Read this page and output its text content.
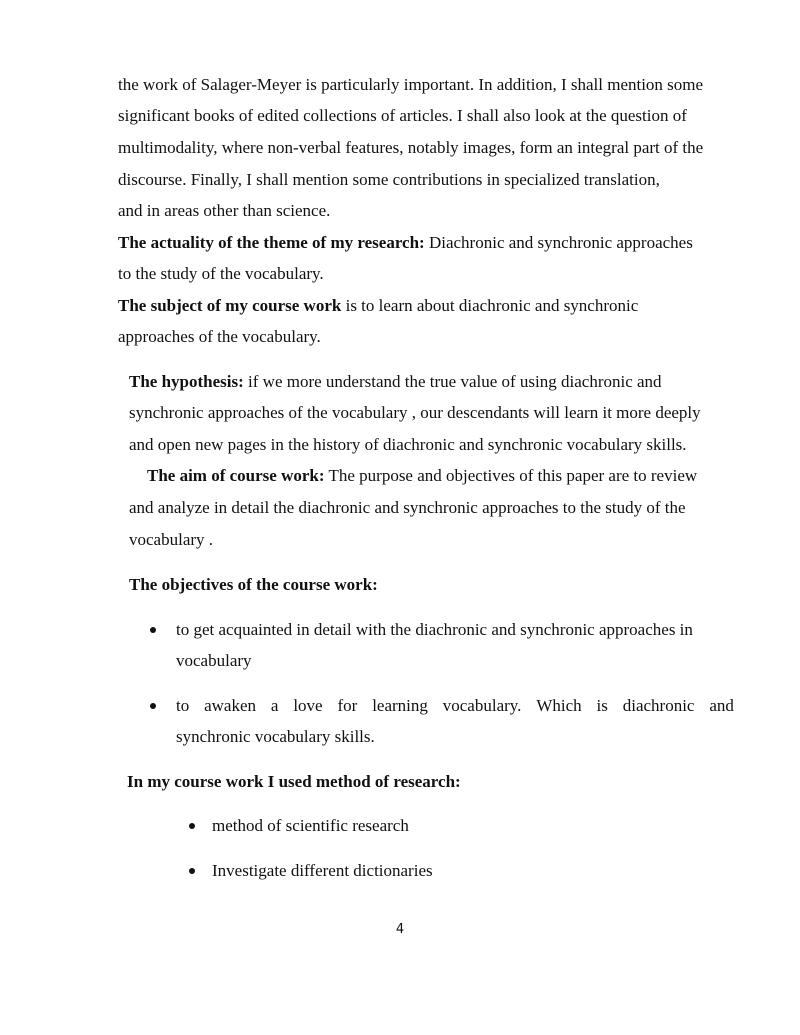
the work of Salager-Meyer is particularly important. In addition, I shall mention some
significant books of edited collections of articles. I shall also look at the question of
multimodality, where non-verbal features, notably images, form an integral part of the
discourse. Finally, I shall mention some contributions in specialized translation,
and in areas other than science.
The actuality of the theme of my research: Diachronic and synchronic approaches
to the study of the vocabulary.
The subject of my course work is to learn about diachronic and synchronic
approaches of the vocabulary.
The hypothesis: if we more understand the true value of using diachronic and
synchronic approaches of the vocabulary , our descendants will learn it more deeply
and open new pages in the history of diachronic and synchronic vocabulary skills.
The aim of course work: The purpose and objectives of this paper are to review
and analyze in detail the diachronic and synchronic approaches to the study of the
vocabulary .
The objectives of the course work:
to get acquainted in detail with the diachronic and synchronic approaches in
vocabulary
to awaken a love for learning vocabulary. Which is diachronic and
synchronic vocabulary skills.
In my course work I used method of research:
method of scientific research
Investigate different dictionaries
4
